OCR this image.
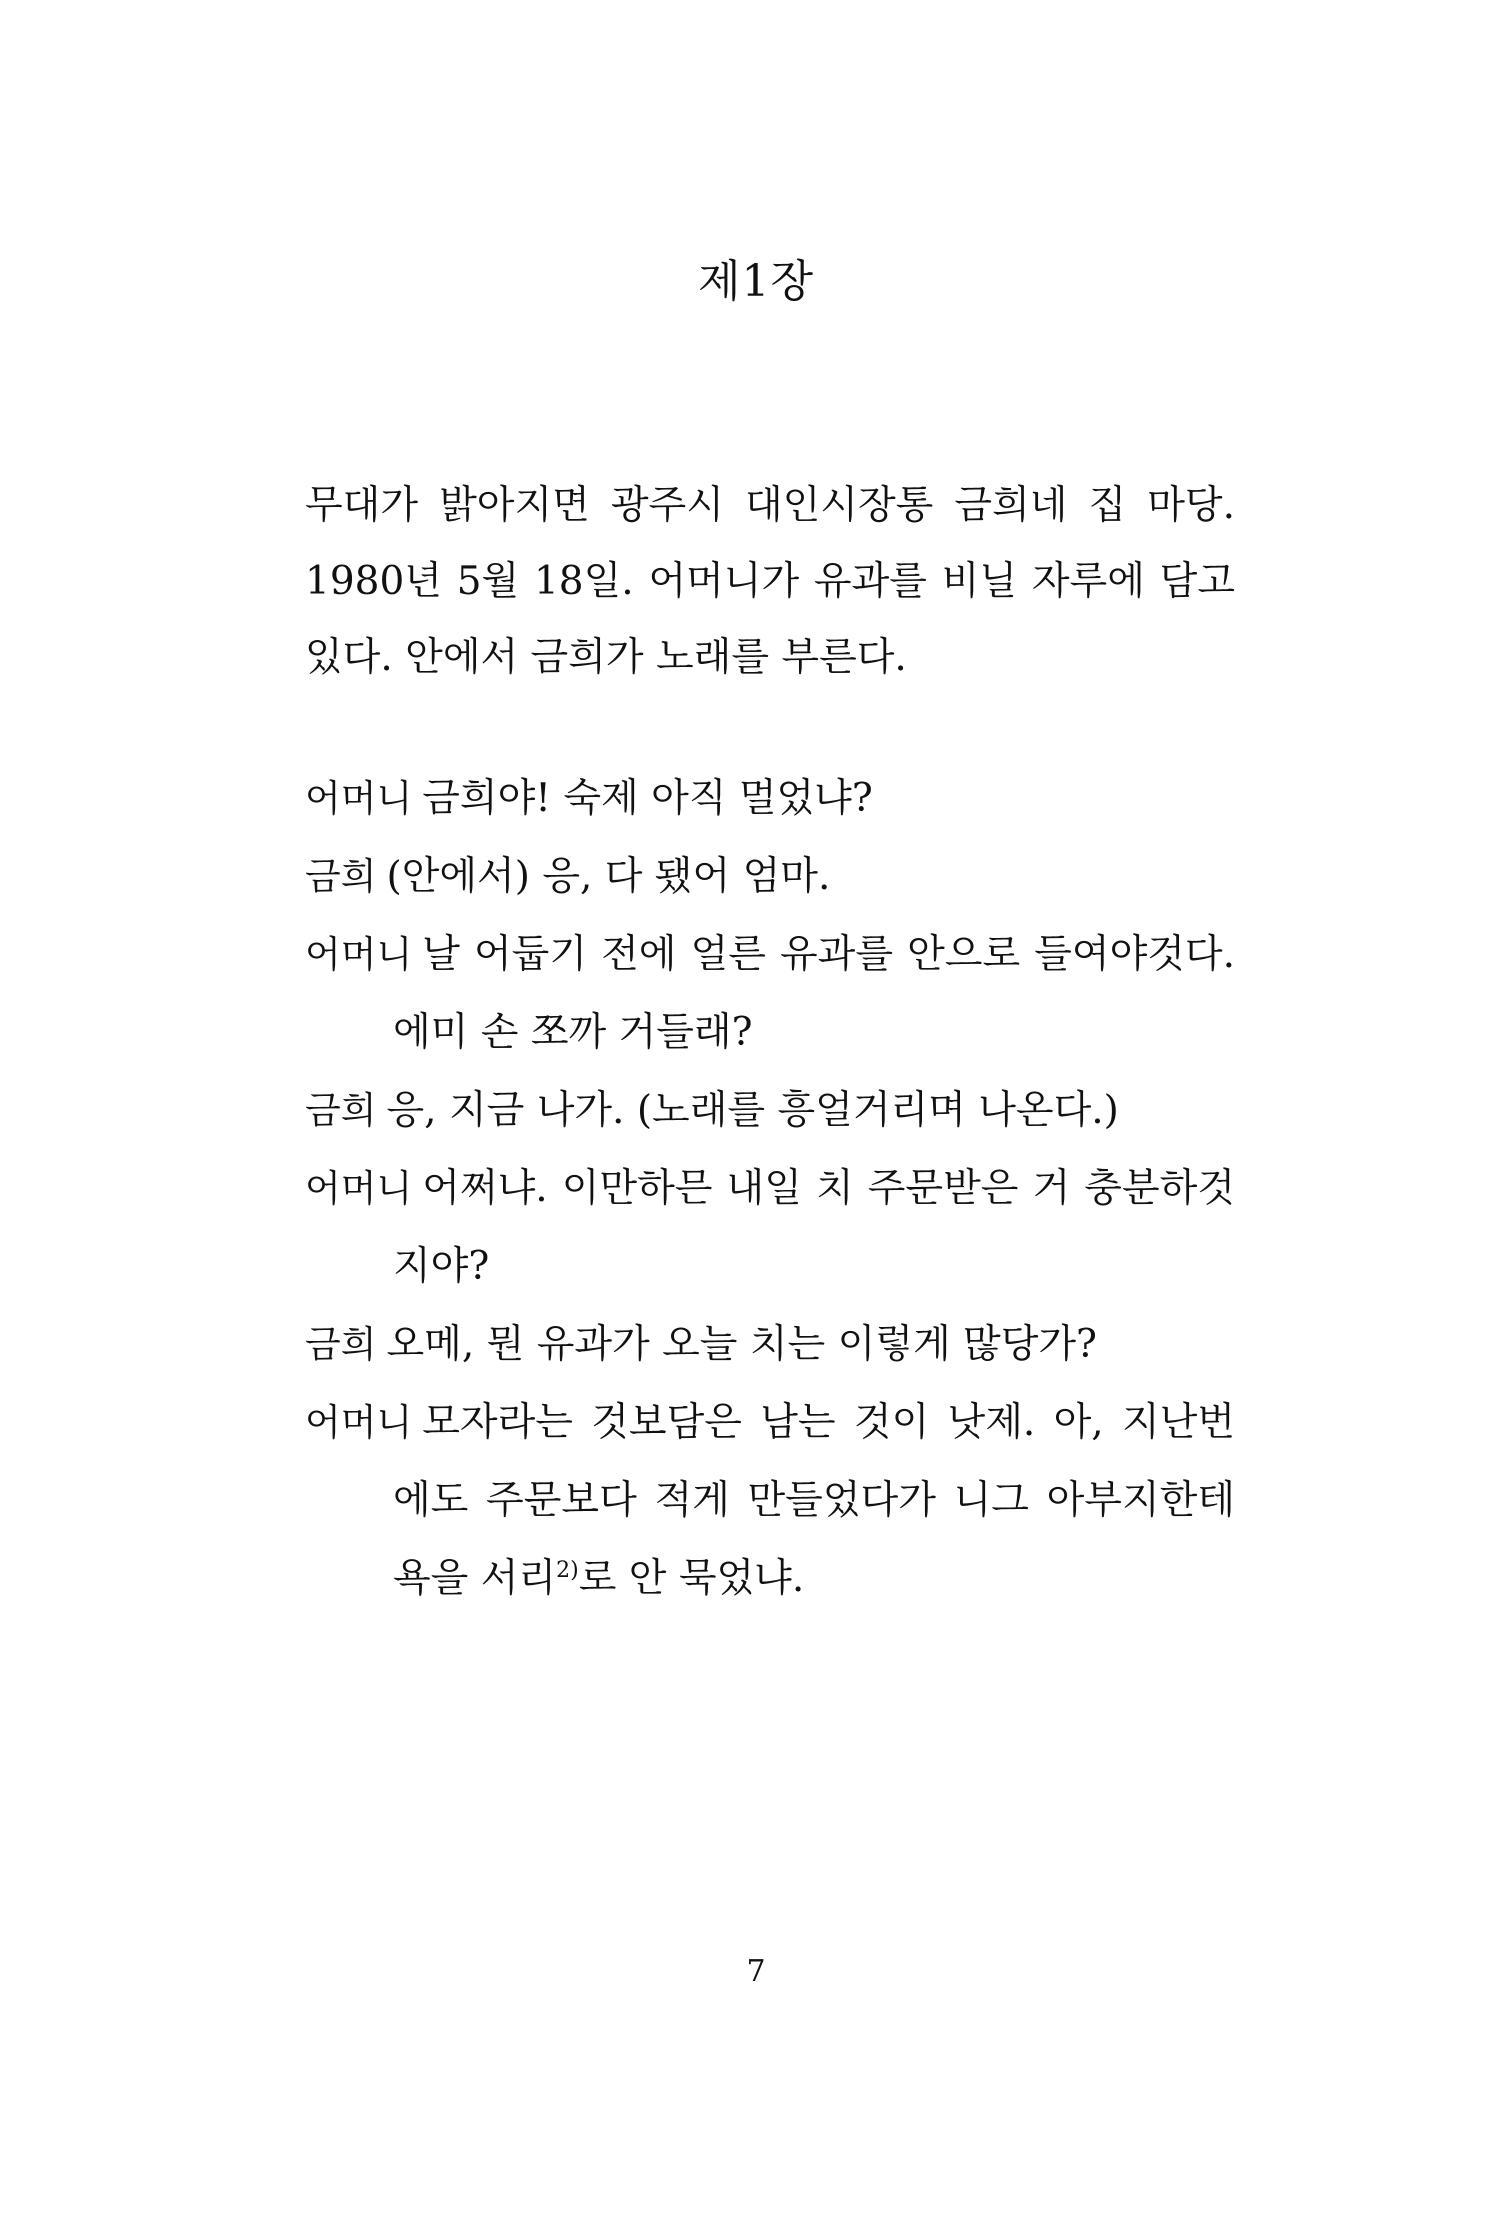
제1장

무대가 밝아지면 광주시 대인시장통 금희네 집 마당. 1980년 5월 18일. 어머니가 유과를 비닐 자루에 담고 있다. 안에서 금희가 노래를 부른다.

어머니 금희야! 숙제 아직 멀었냐?
금희 (안에서) 응, 다 됐어 엄마.
어머니 날 어둡기 전에 얼른 유과를 안으로 들여야것다. 에미 손 쪼까 거들래?
금희 응, 지금 나가. (노래를 흥얼거리며 나온다.)
어머니 어쩌냐. 이만하믄 내일 치 주문받은 거 충분하것지야?
금희 오메, 뭔 유과가 오늘 치는 이렇게 많당가?
어머니 모자라는 것보담은 남는 것이 낫제. 아, 지난번에도 주문보다 적게 만들었다가 니그 아부지한테 욕을 서리$^{2)}$로 안 묵었냐.
7
